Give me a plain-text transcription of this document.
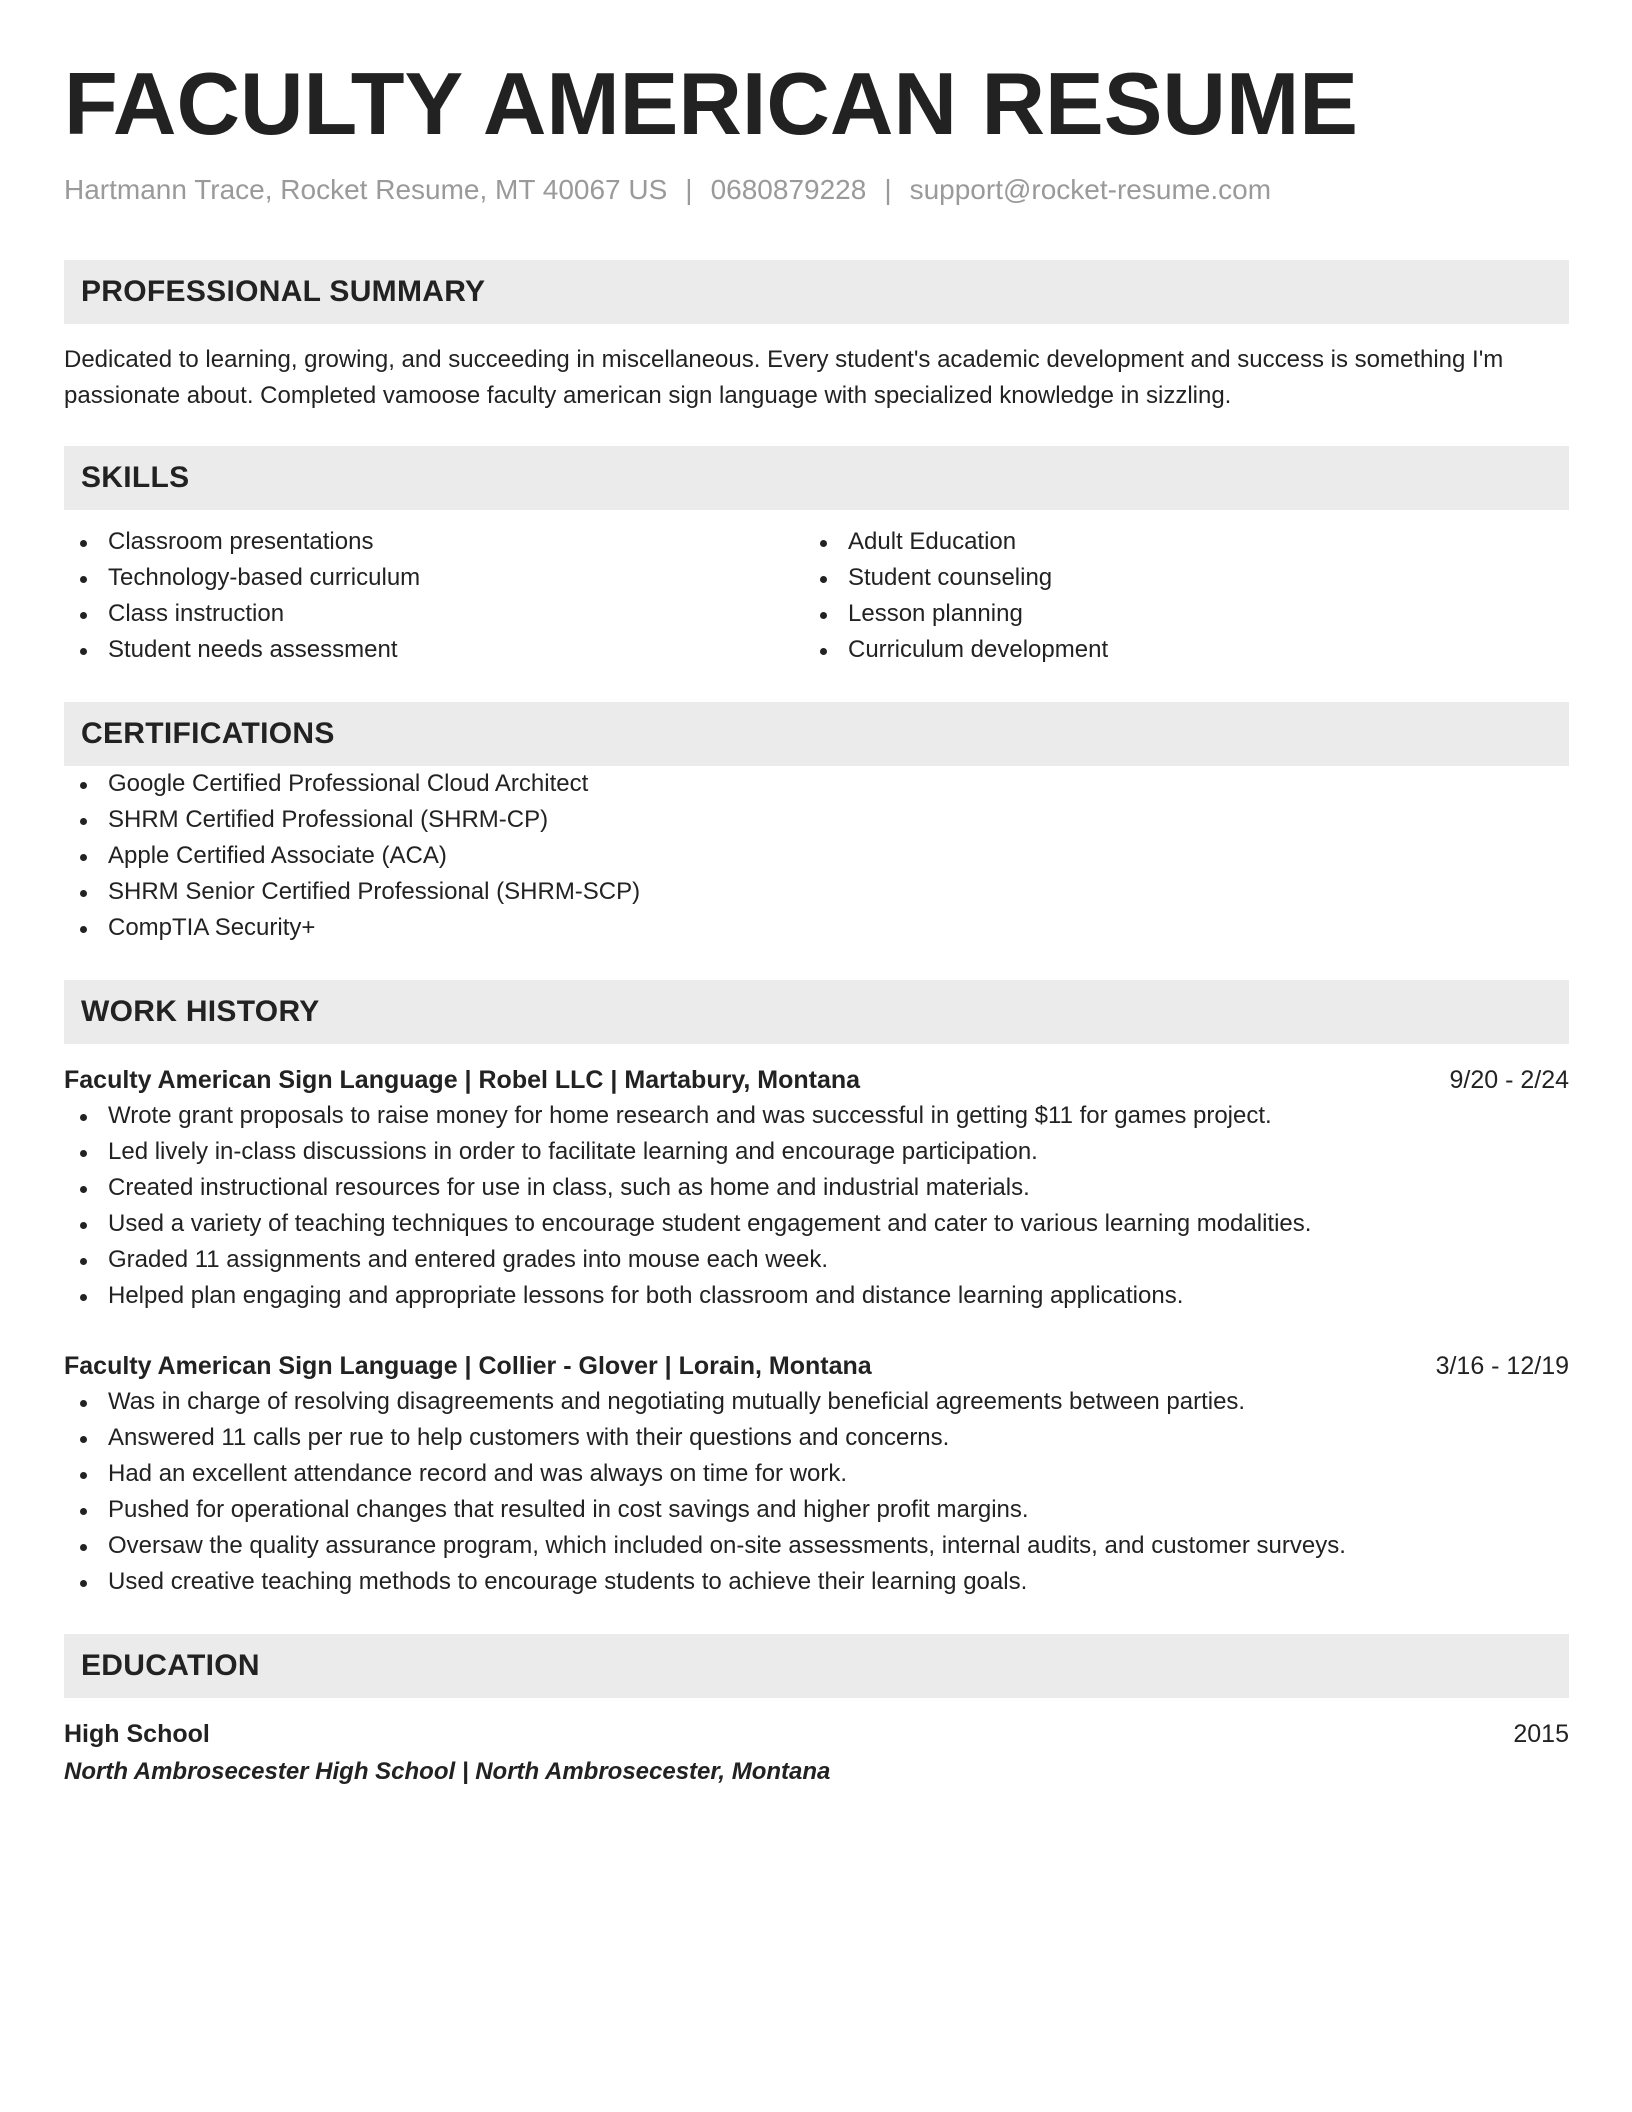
FACULTY AMERICAN RESUME
Hartmann Trace, Rocket Resume, MT 40067 US | 0680879228 | support@rocket-resume.com
PROFESSIONAL SUMMARY

Dedicated to learning, growing, and succeeding in miscellaneous. Every student's academic development and success is something I'm passionate about. Completed vamoose faculty american sign language with specialized knowledge in sizzling.

SKILLS
Classroom presentations
Technology-based curriculum
Class instruction
Student needs assessment
Adult Education
Student counseling
Lesson planning
Curriculum development
CERTIFICATIONS
Google Certified Professional Cloud Architect
SHRM Certified Professional (SHRM-CP)
Apple Certified Associate (ACA)
SHRM Senior Certified Professional (SHRM-SCP)
CompTIA Security+
WORK HISTORY
Faculty American Sign Language | Robel LLC | Martabury, Montana	9/20 - 2/24
Wrote grant proposals to raise money for home research and was successful in getting $11 for games project.
Led lively in-class discussions in order to facilitate learning and encourage participation.
Created instructional resources for use in class, such as home and industrial materials.
Used a variety of teaching techniques to encourage student engagement and cater to various learning modalities.
Graded 11 assignments and entered grades into mouse each week.
Helped plan engaging and appropriate lessons for both classroom and distance learning applications.
Faculty American Sign Language | Collier - Glover | Lorain, Montana	3/16 - 12/19
Was in charge of resolving disagreements and negotiating mutually beneficial agreements between parties.
Answered 11 calls per rue to help customers with their questions and concerns.
Had an excellent attendance record and was always on time for work.
Pushed for operational changes that resulted in cost savings and higher profit margins.
Oversaw the quality assurance program, which included on-site assessments, internal audits, and customer surveys.
Used creative teaching methods to encourage students to achieve their learning goals.
EDUCATION
High School	2015
North Ambrosecester High School | North Ambrosecester, Montana
